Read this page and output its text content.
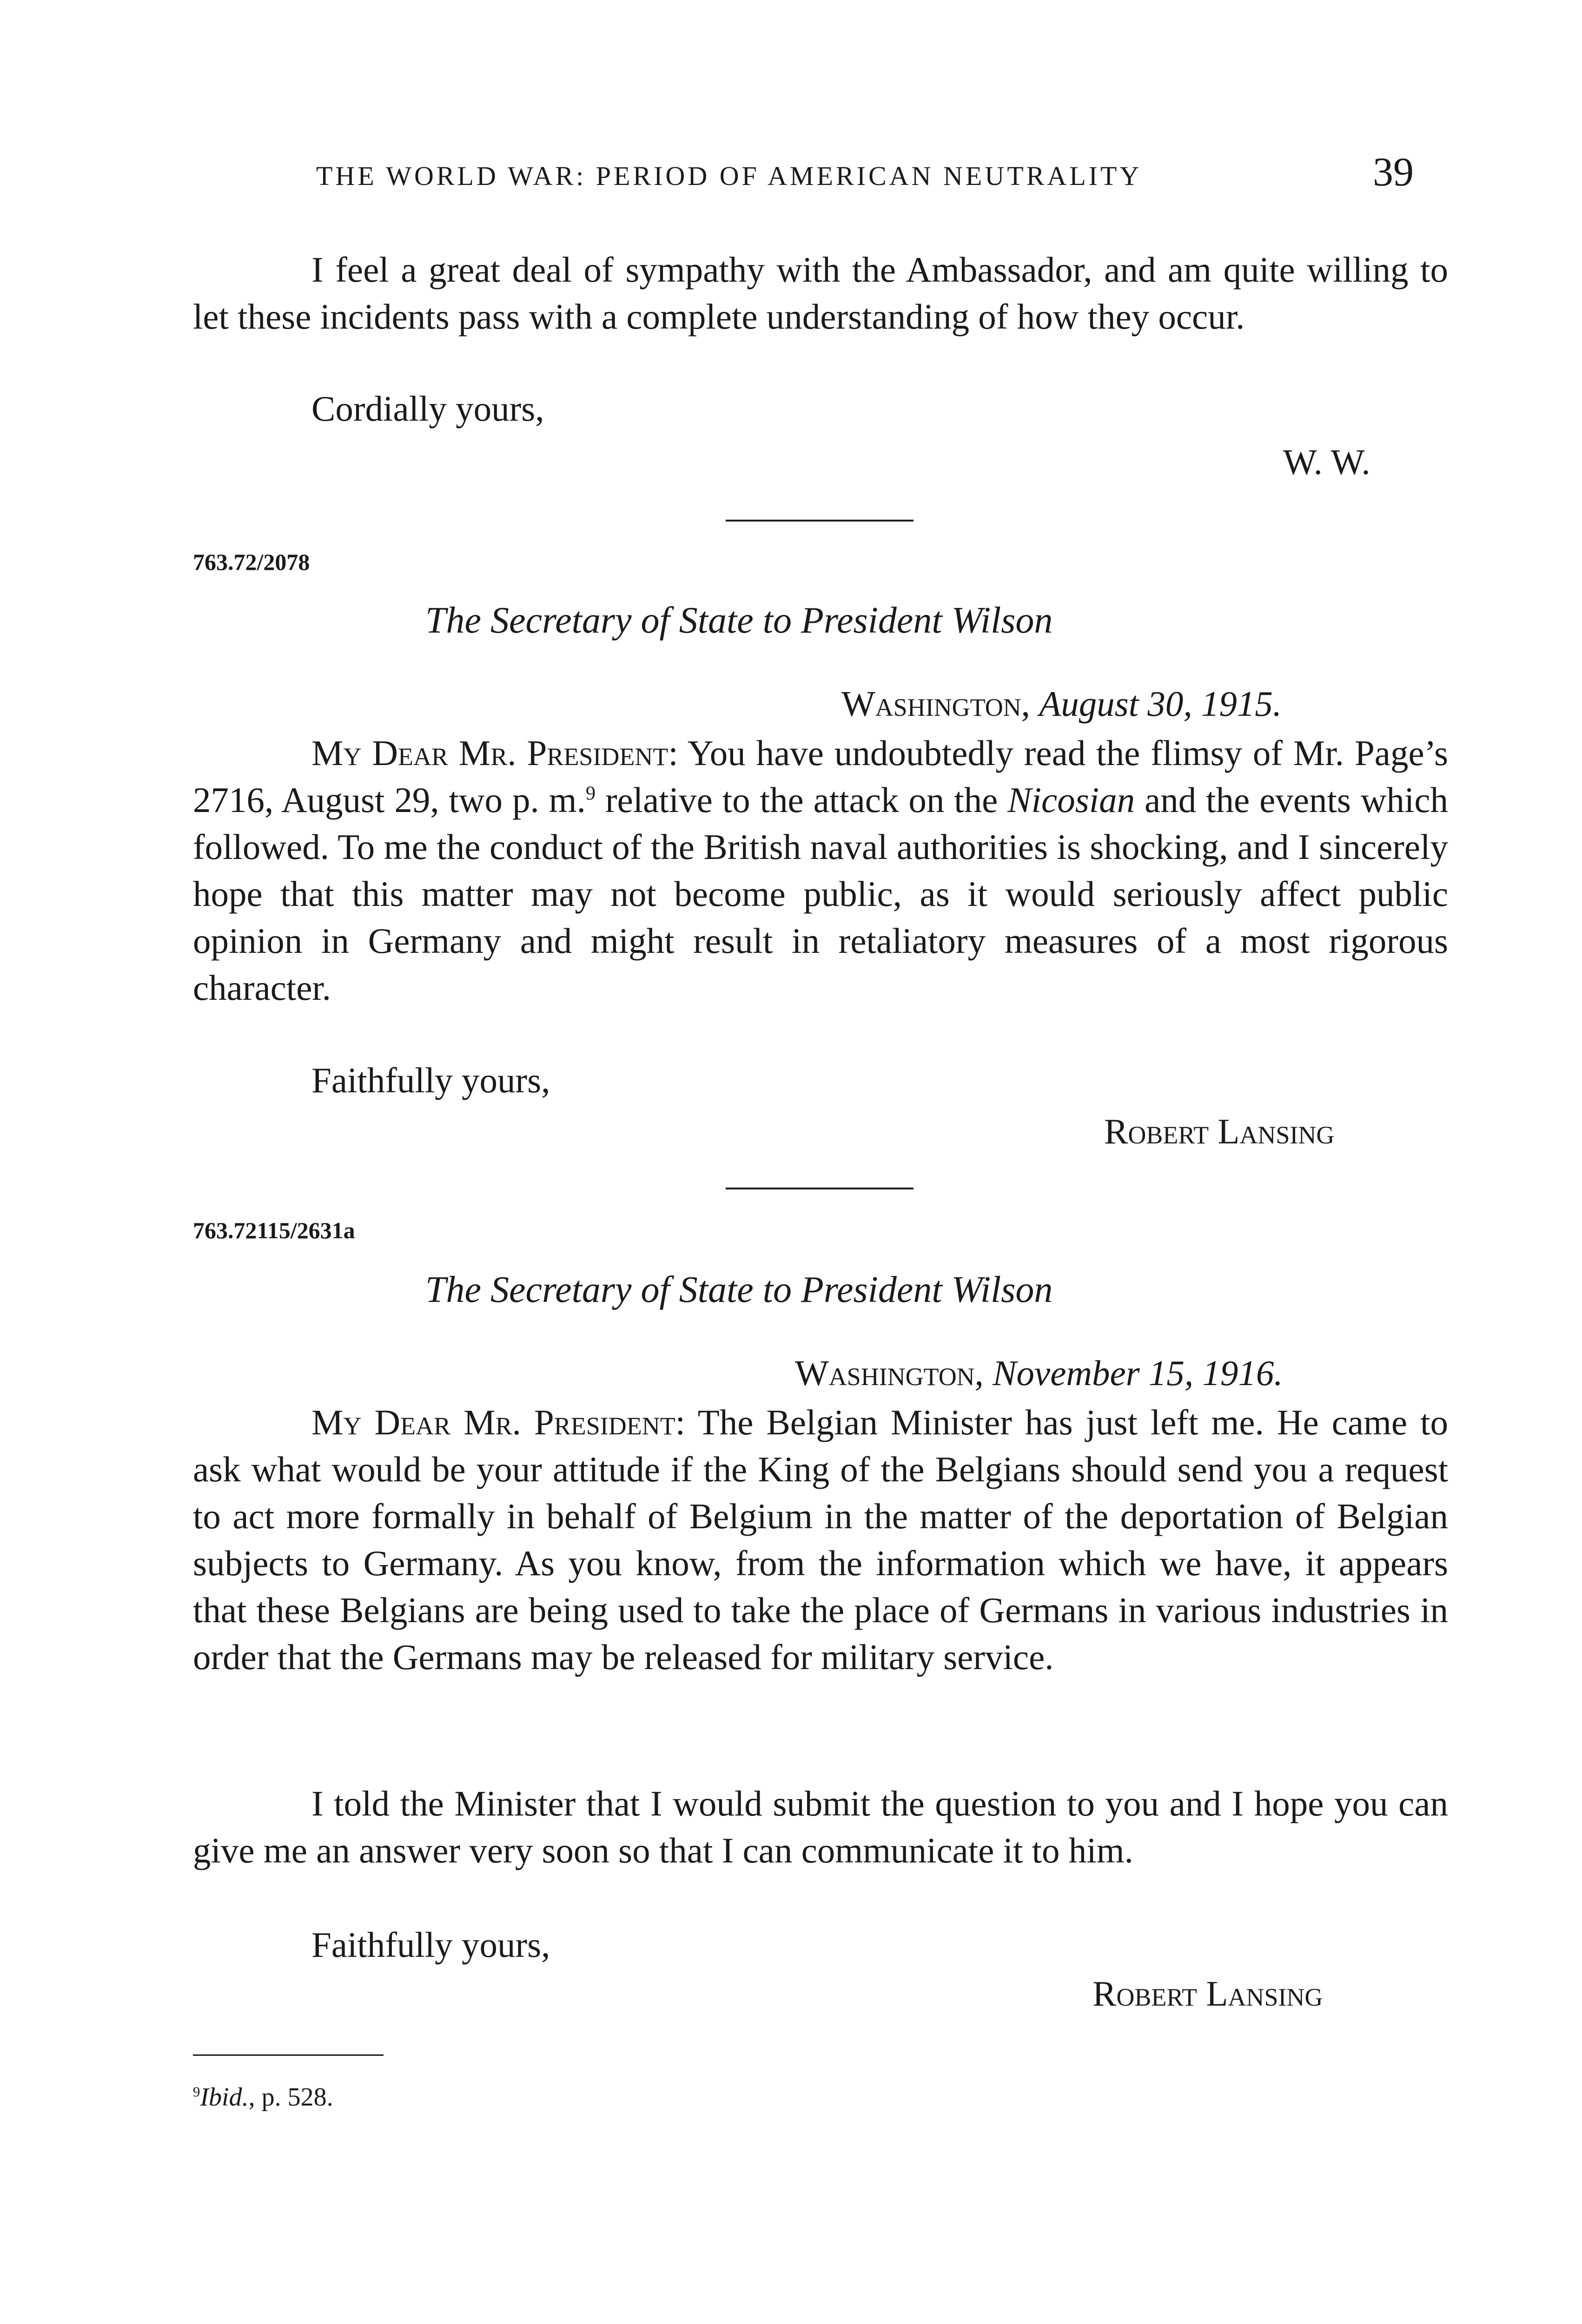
THE WORLD WAR: PERIOD OF AMERICAN NEUTRALITY	39
I feel a great deal of sympathy with the Ambassador, and am quite willing to let these incidents pass with a complete understanding of how they occur.
Cordially yours,
W. W.
763.72/2078
The Secretary of State to President Wilson
Washington, August 30, 1915.
My Dear Mr. President: You have undoubtedly read the flimsy of Mr. Page’s 2716, August 29, two p. m.$^9$ relative to the attack on the Nicosian and the events which followed. To me the conduct of the British naval authorities is shocking, and I sincerely hope that this matter may not become public, as it would seriously affect public opinion in Germany and might result in retaliatory measures of a most rigorous character.
Faithfully yours,
Robert Lansing
763.72115/2631a
The Secretary of State to President Wilson
Washington, November 15, 1916.
My Dear Mr. President: The Belgian Minister has just left me. He came to ask what would be your attitude if the King of the Belgians should send you a request to act more formally in behalf of Belgium in the matter of the deportation of Belgian subjects to Germany. As you know, from the information which we have, it appears that these Belgians are being used to take the place of Germans in various industries in order that the Germans may be released for military service.
I told the Minister that I would submit the question to you and I hope you can give me an answer very soon so that I can communicate it to him.
Faithfully yours,
Robert Lansing
$^9$Ibid., p. 528.
